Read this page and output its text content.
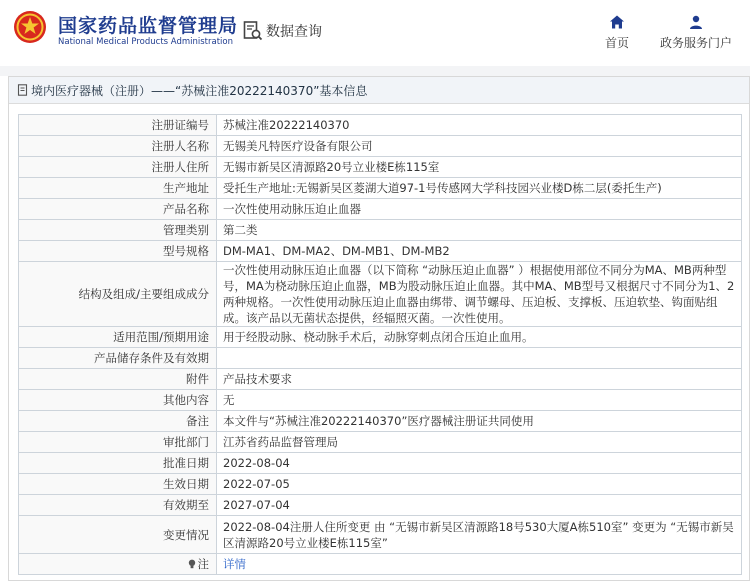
国家药品监督管理局
National Medical Products Administration
数据查询
首页	政务服务门户
境内医疗器械（注册）——“苏械注准20222140370”基本信息
注册证编号	苏械注准20222140370
注册人名称	无锡美凡特医疗设备有限公司
注册人住所	无锡市新吴区清源路20号立业楼E栋115室
生产地址	受托生产地址:无锡新吴区菱湖大道97-1号传感网大学科技园兴业楼D栋二层(委托生产)
产品名称	一次性使用动脉压迫止血器
管理类别	第二类
型号规格	DM-MA1、DM-MA2、DM-MB1、DM-MB2
结构及组成/主要组成成分	一次性使用动脉压迫止血器（以下简称 “动脉压迫止血器” ）根据使用部位不同分为MA、MB两种型号，MA为桡动脉压迫止血器，MB为股动脉压迫止血器。其中MA、MB型号又根据尺寸不同分为1、2两种规格。一次性使用动脉压迫止血器由绑带、调节螺母、压迫板、支撑板、压迫软垫、钩面贴组成。该产品以无菌状态提供，经辐照灭菌。一次性使用。
适用范围/预期用途	用于经股动脉、桡动脉手术后，动脉穿刺点闭合压迫止血用。
产品储存条件及有效期	
附件	产品技术要求
其他内容	无
备注	本文件与“苏械注准20222140370”医疗器械注册证共同使用
审批部门	江苏省药品监督管理局
批准日期	2022-08-04
生效日期	2022-07-05
有效期至	2027-07-04
变更情况	2022-08-04注册人住所变更 由 “无锡市新吴区清源路18号530大厦A栋510室” 变更为 “无锡市新吴区清源路20号立业楼E栋115室”
注	详情
